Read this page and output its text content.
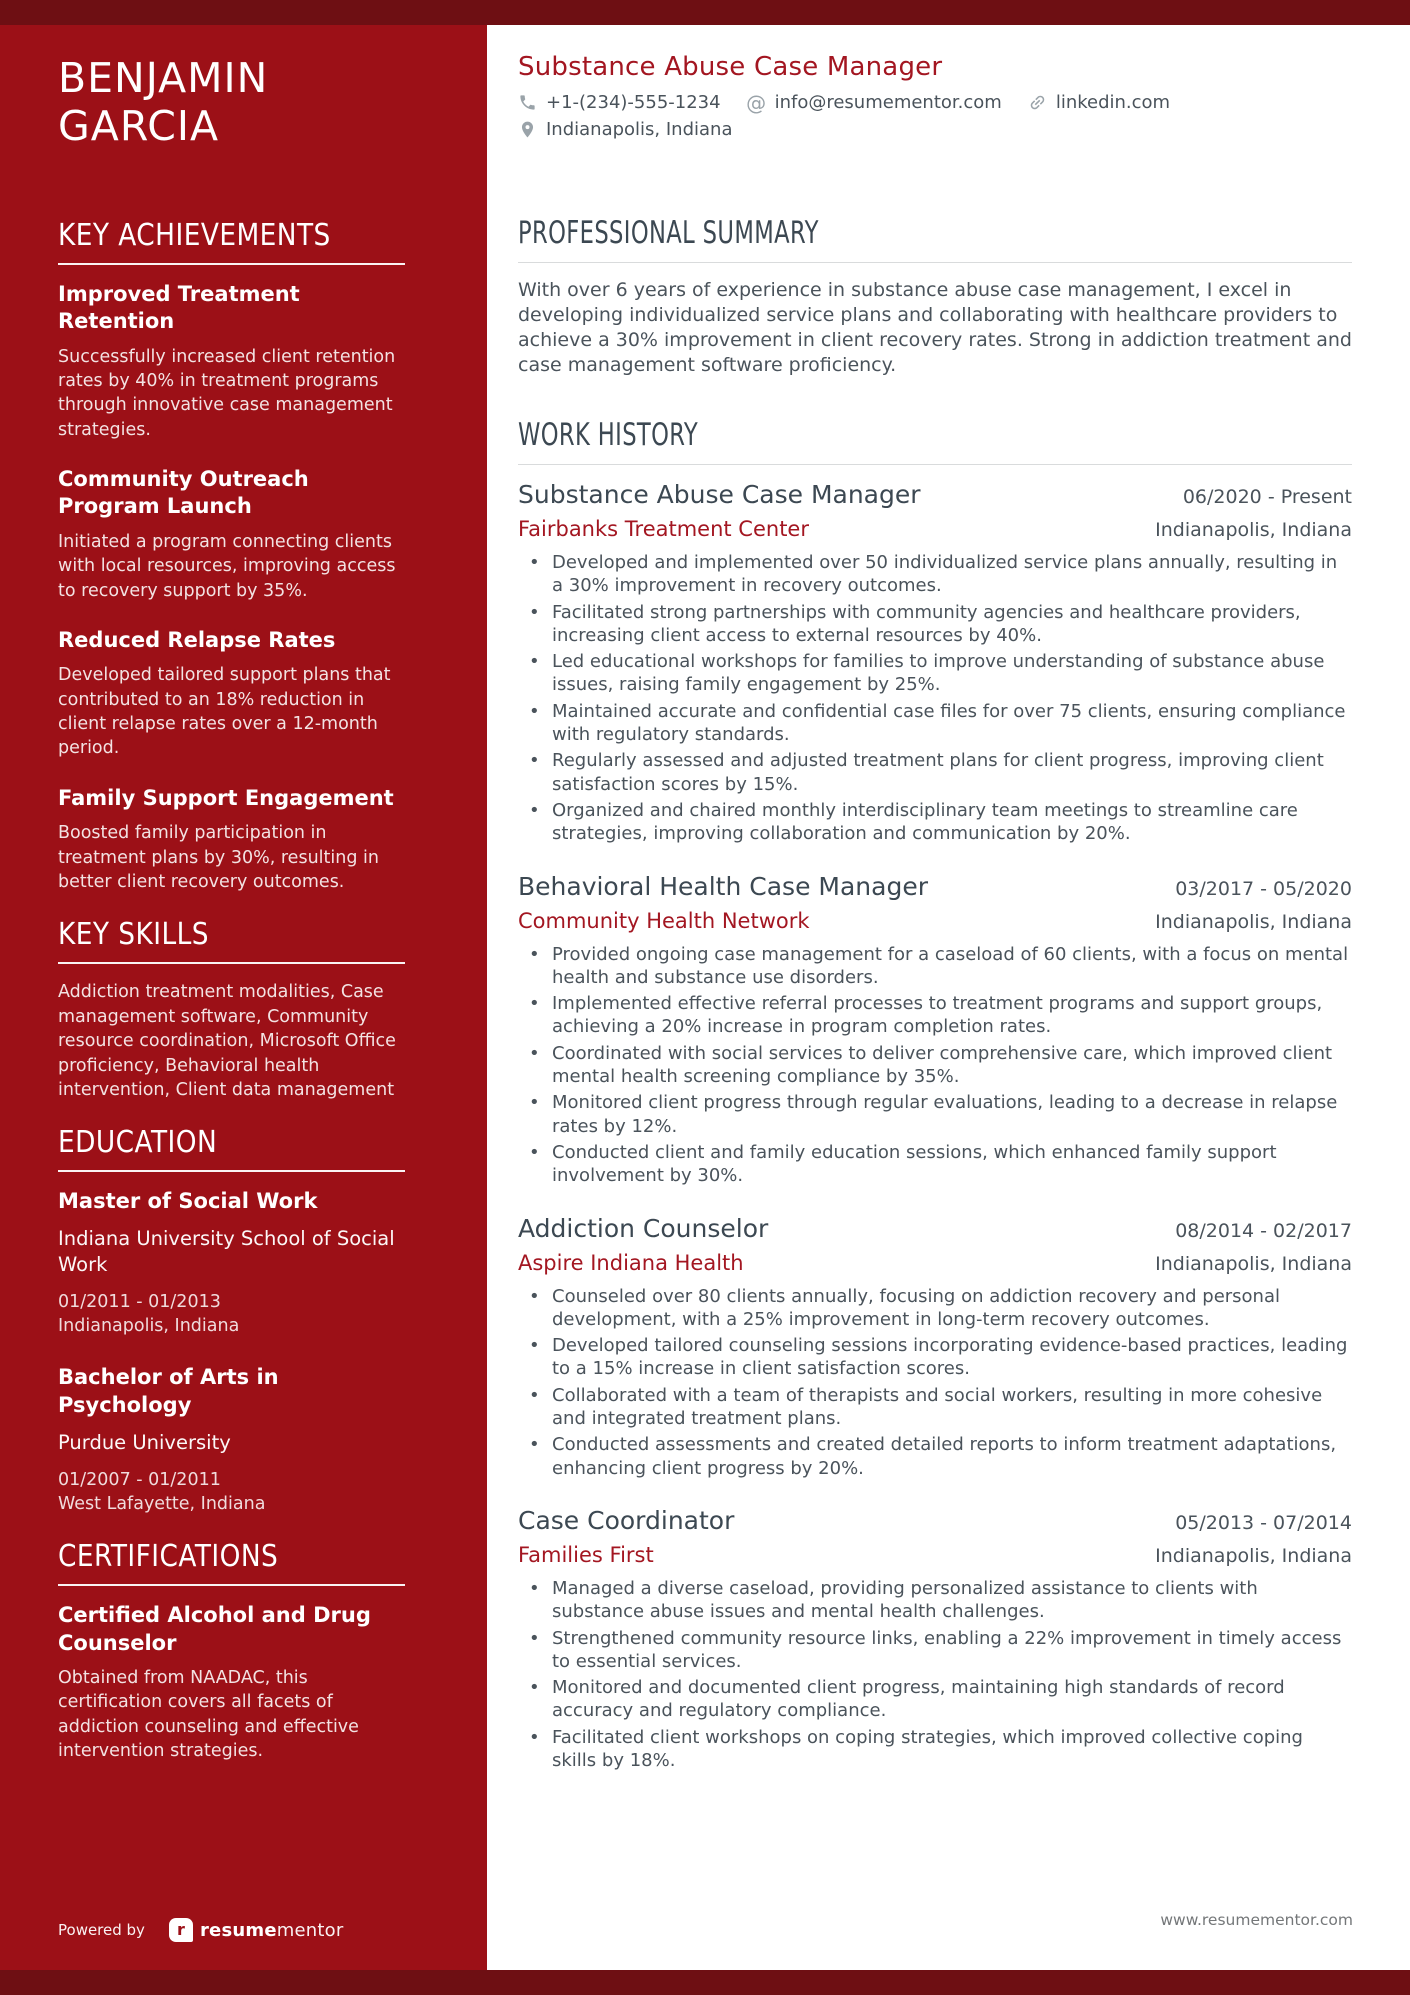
BENJAMIN GARCIA
KEY ACHIEVEMENTS
Improved Treatment Retention
Successfully increased client retention rates by 40% in treatment programs through innovative case management strategies.
Community Outreach Program Launch
Initiated a program connecting clients with local resources, improving access to recovery support by 35%.
Reduced Relapse Rates
Developed tailored support plans that contributed to an 18% reduction in client relapse rates over a 12-month period.
Family Support Engagement
Boosted family participation in treatment plans by 30%, resulting in better client recovery outcomes.
KEY SKILLS
Addiction treatment modalities, Case management software, Community resource coordination, Microsoft Office proficiency, Behavioral health intervention, Client data management
EDUCATION
Master of Social Work
Indiana University School of Social Work
01/2011 - 01/2013
Indianapolis, Indiana
Bachelor of Arts in Psychology
Purdue University
01/2007 - 01/2011
West Lafayette, Indiana
CERTIFICATIONS
Certified Alcohol and Drug Counselor
Obtained from NAADAC, this certification covers all facets of addiction counseling and effective intervention strategies.
Powered by r resumementor
Substance Abuse Case Manager
+1-(234)-555-1234 @ info@resumementor.com	linkedin.com
Indianapolis, Indiana
PROFESSIONAL SUMMARY

With over 6 years of experience in substance abuse case management, I excel in developing individualized service plans and collaborating with healthcare providers to achieve a 30% improvement in client recovery rates. Strong in addiction treatment and case management software proficiency.

WORK HISTORY
Substance Abuse Case Manager	06/2020 - Present
Fairbanks Treatment Center	Indianapolis, Indiana
• Developed and implemented over 50 individualized service plans annually, resulting in a 30% improvement in recovery outcomes.
• Facilitated strong partnerships with community agencies and healthcare providers, increasing client access to external resources by 40%.
• Led educational workshops for families to improve understanding of substance abuse issues, raising family engagement by 25%.
• Maintained accurate and confidential case files for over 75 clients, ensuring compliance with regulatory standards.
• Regularly assessed and adjusted treatment plans for client progress, improving client satisfaction scores by 15%.
• Organized and chaired monthly interdisciplinary team meetings to streamline care strategies, improving collaboration and communication by 20%.
Behavioral Health Case Manager	03/2017 - 05/2020
Community Health Network	Indianapolis, Indiana
• Provided ongoing case management for a caseload of 60 clients, with a focus on mental health and substance use disorders.
• Implemented effective referral processes to treatment programs and support groups, achieving a 20% increase in program completion rates.
• Coordinated with social services to deliver comprehensive care, which improved client mental health screening compliance by 35%.
• Monitored client progress through regular evaluations, leading to a decrease in relapse rates by 12%.
• Conducted client and family education sessions, which enhanced family support involvement by 30%.
Addiction Counselor	08/2014 - 02/2017
Aspire Indiana Health	Indianapolis, Indiana
• Counseled over 80 clients annually, focusing on addiction recovery and personal development, with a 25% improvement in long-term recovery outcomes.
• Developed tailored counseling sessions incorporating evidence-based practices, leading to a 15% increase in client satisfaction scores.
• Collaborated with a team of therapists and social workers, resulting in more cohesive and integrated treatment plans.
• Conducted assessments and created detailed reports to inform treatment adaptations, enhancing client progress by 20%.
Case Coordinator	05/2013 - 07/2014
Families First	Indianapolis, Indiana
• Managed a diverse caseload, providing personalized assistance to clients with substance abuse issues and mental health challenges.
• Strengthened community resource links, enabling a 22% improvement in timely access to essential services.
• Monitored and documented client progress, maintaining high standards of record accuracy and regulatory compliance.
• Facilitated client workshops on coping strategies, which improved collective coping skills by 18%.
www.resumementor.com
